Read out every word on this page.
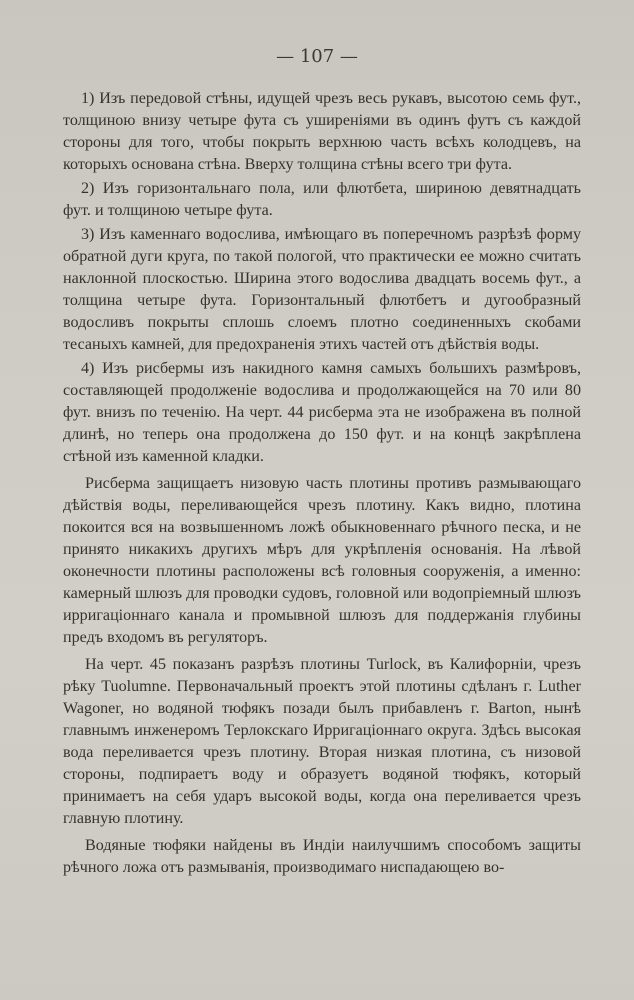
— 107 —

1) Изъ передовой стѣны, идущей чрезъ весь рукавъ, высотою семь фут., толщиною внизу четыре фута съ уширеніями въ одинъ футъ съ каждой стороны для того, чтобы покрыть верхнюю часть всѣхъ колодцевъ, на которыхъ основана стѣна. Вверху толщина стѣны всего три фута.

2) Изъ горизонтальнаго пола, или флютбета, шириною девятнадцать фут. и толщиною четыре фута.

3) Изъ каменнаго водослива, имѣющаго въ поперечномъ разрѣзѣ форму обратной дуги круга, по такой пологой, что практически ее можно считать наклонной плоскостью. Ширина этого водослива двадцать восемь фут., а толщина четыре фута. Горизонтальный флютбетъ и дугообразный водосливъ покрыты сплошь слоемъ плотно соединенныхъ скобами тесаныхъ камней, для предохраненія этихъ частей отъ дѣйствія воды.

4) Изъ рисбермы изъ накидного камня самыхъ большихъ размѣровъ, составляющей продолженіе водослива и продолжающейся на 70 или 80 фут. внизъ по теченію. На черт. 44 рисберма эта не изображена въ полной длинѣ, но теперь она продолжена до 150 фут. и на концѣ закрѣплена стѣной изъ каменной кладки.

Рисберма защищаетъ низовую часть плотины противъ размывающаго дѣйствія воды, переливающейся чрезъ плотину. Какъ видно, плотина покоится вся на возвышенномъ ложѣ обыкновеннаго рѣчного песка, и не принято никакихъ другихъ мѣръ для укрѣпленія основанія. На лѣвой оконечности плотины расположены всѣ головныя сооруженія, а именно: камерный шлюзъ для проводки судовъ, головной или водопріемный шлюзъ ирригаціоннаго канала и промывной шлюзъ для поддержанія глубины предъ входомъ въ регуляторъ.

На черт. 45 показанъ разрѣзъ плотины Turlock, въ Калифорніи, чрезъ рѣку Tuolumne. Первоначальный проектъ этой плотины сдѣланъ г. Luther Wagoner, но водяной тюфякъ позади былъ прибавленъ г. Barton, нынѣ главнымъ инженеромъ Терлокскаго Ирригаціоннаго округа. Здѣсь высокая вода переливается чрезъ плотину. Вторая низкая плотина, съ низовой стороны, подпираетъ воду и образуетъ водяной тюфякъ, который принимаетъ на себя ударъ высокой воды, когда она переливается чрезъ главную плотину.

Водяные тюфяки найдены въ Индіи наилучшимъ способомъ защиты рѣчного ложа отъ размыванія, производимаго ниспадающею во-
